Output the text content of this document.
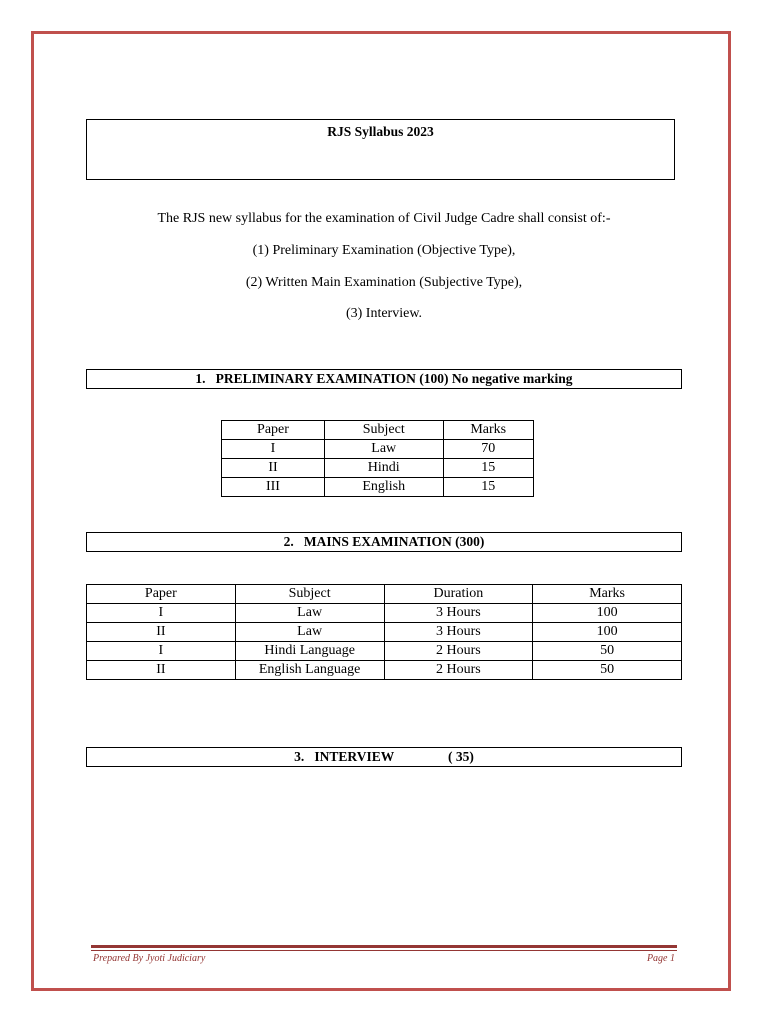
RJS Syllabus 2023
The RJS new syllabus for the examination of Civil Judge Cadre shall consist of:-
(1) Preliminary Examination (Objective Type),
(2) Written Main Examination (Subjective Type),
(3) Interview.
1.   PRELIMINARY EXAMINATION (100) No negative marking
Paper	Subject	Marks
I	Law	70
II	Hindi	15
III	English	15
2.   MAINS EXAMINATION (300)
Paper	Subject	Duration	Marks
I	Law	3 Hours	100
II	Law	3 Hours	100
I	Hindi Language	2 Hours	50
II	English Language	2 Hours	50
3.   INTERVIEW                ( 35)
Prepared By Jyoti Judiciary	Page 1
